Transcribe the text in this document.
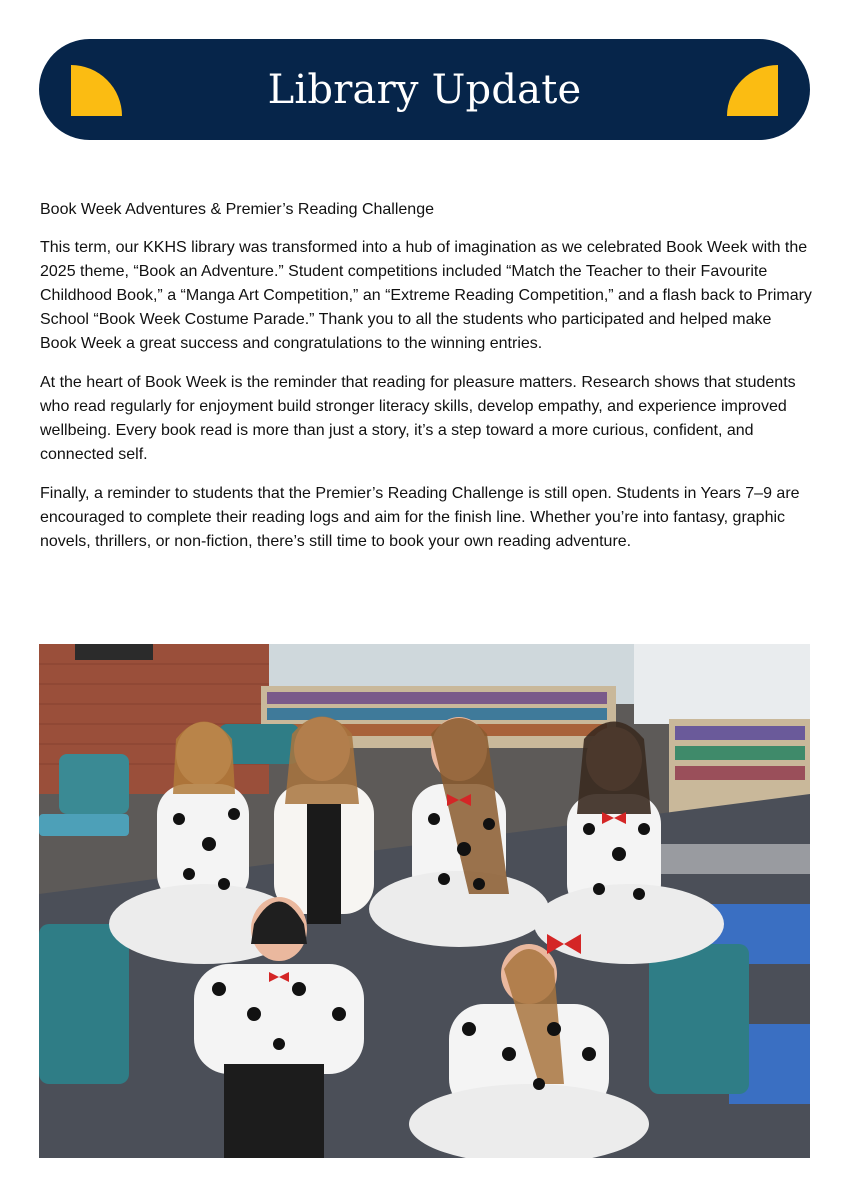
Library Update

Book Week Adventures & Premier’s Reading Challenge

This term, our KKHS library was transformed into a hub of imagination as we celebrated Book Week with the 2025 theme, “Book an Adventure.” Student competitions included “Match the Teacher to their Favourite Childhood Book,” a “Manga Art Competition,” an “Extreme Reading Competition,” and a flash back to Primary School “Book Week Costume Parade.” Thank you to all the students who participated and helped make Book Week a great success and congratulations to the winning entries.

At the heart of Book Week is the reminder that reading for pleasure matters. Research shows that students who read regularly for enjoyment build stronger literacy skills, develop empathy, and experience improved wellbeing. Every book read is more than just a story, it’s a step toward a more curious, confident, and connected self.

Finally, a reminder to students that the Premier’s Reading Challenge is still open. Students in Years 7–9 are encouraged to complete their reading logs and aim for the finish line. Whether you’re into fantasy, graphic novels, thrillers, or non-fiction, there’s still time to book your own reading adventure.
